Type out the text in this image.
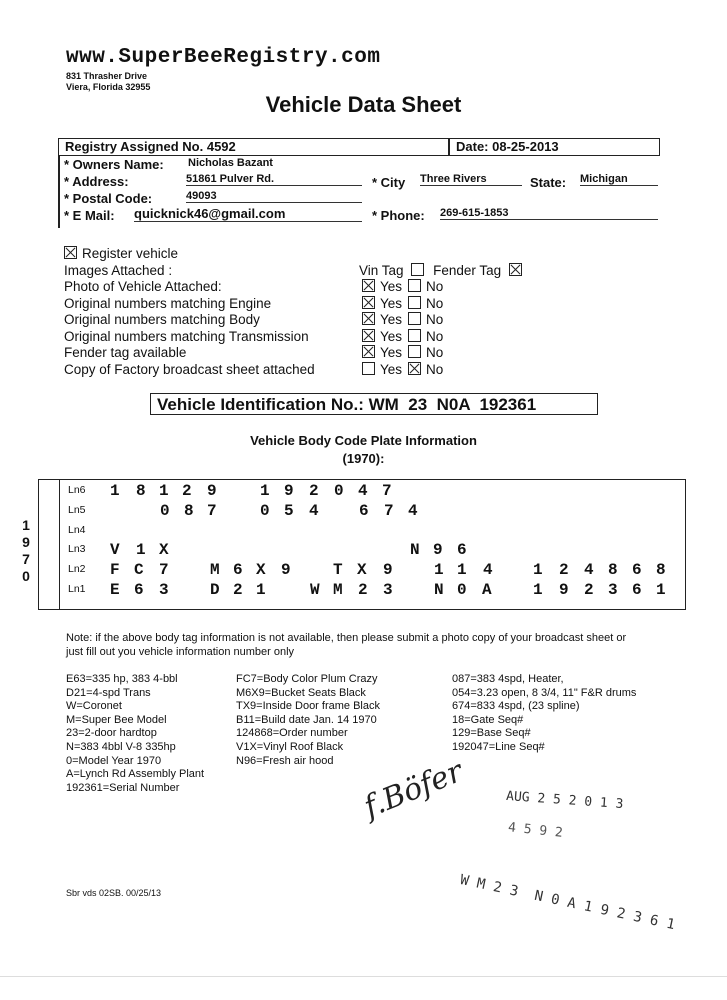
www.SuperBeeRegistry.com
831 Thrasher Drive
Viera, Florida 32955
Vehicle Data Sheet
Registry Assigned No. 4592	Date: 08-25-2013
* Owners Name: Nicholas Bazant
* Address:	51861 Pulver Rd.	* City Three Rivers	State: Michigan
* Postal Code:	49093
* E Mail: quicknick46@gmail.com	* Phone: 269-615-1853
Register vehicle
Images Attached :	Vin Tag Fender Tag
Photo of Vehicle Attached:	Yes No
Original numbers matching Engine	Yes No
Original numbers matching Body	Yes No
Original numbers matching Transmission	Yes No
Fender tag available	Yes No
Copy of Factory broadcast sheet attached	Yes No
Vehicle Identification No.: WM  23  N0A  192361
Vehicle Body Code Plate Information
(1970):
1
9
7
0
Ln6 1 8 1 2 9	1 9 2 0 4 7
Ln5	0 8 7	0 5 4	6 7 4
Ln4
Ln3 V 1 X	N 9 6
Ln2 F C 7	M 6 X 9	T X 9	1 1 4	1 2 4 8 6 8
Ln1 E 6 3	D 2 1	W M 2 3	N 0 A	1 9 2 3 6 1
Note: if the above body tag information is not available, then please submit a photo copy of your broadcast sheet or just fill out you vehicle information number only
E63=335 hp, 383 4-bbl
D21=4-spd Trans
W=Coronet
M=Super Bee Model
23=2-door hardtop
N=383 4bbl V-8 335hp
0=Model Year 1970
A=Lynch Rd Assembly Plant
192361=Serial Number
FC7=Body Color Plum Crazy
M6X9=Bucket Seats Black
TX9=Inside Door frame Black
B11=Build date Jan. 14 1970
124868=Order number
V1X=Vinyl Roof Black
N96=Fresh air hood
087=383 4spd, Heater,
054=3.23 open, 8 3/4, 11" F&R drums
674=833 4spd, (23 spline)
18=Gate Seq#
129=Base Seq#
192047=Line Seq#
f.Böfer	AUG 2 5 2 0 1 3
4 5 9 2
W M 2 3  N 0 A 1 9 2 3 6 1
Sbr vds 02SB. 00/25/13
